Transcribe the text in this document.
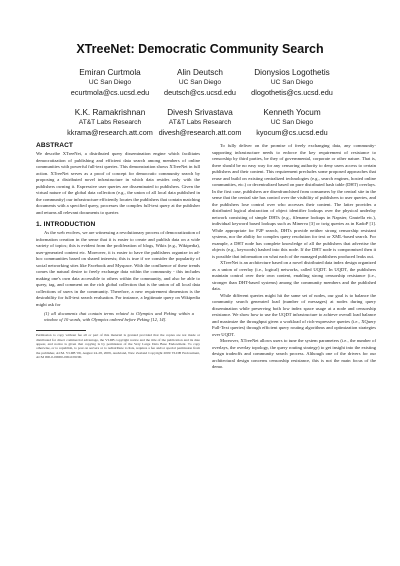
XTreeNet: Democratic Community Search
Emiran Curtmola
UC San Diego
ecurtmola@cs.ucsd.edu
Alin Deutsch
UC San Diego
deutsch@cs.ucsd.edu
Dionysios Logothetis
UC San Diego
dlogothetis@cs.ucsd.edu
K.K. Ramakrishnan
AT&T Labs Research
kkrama@research.att.com
Divesh Srivastava
AT&T Labs Research
divesh@research.att.com
Kenneth Yocum
UC San Diego
kyocum@cs.ucsd.edu
ABSTRACT
We describe XTreeNet, a distributed query dissemination engine which facilitates democratization of publishing and efficient data search among members of online communities with powerful full-text queries. This demonstration shows XTreeNet in full action. XTreeNet serves as a proof of concept for democratic community search by proposing a distributed novel infrastructure in which data resides only with the publishers owning it. Expressive user queries are disseminated to publishers. Given the virtual nature of the global data collection (e.g., the union of all local data published in the community) our infrastructure efficiently locates the publishers that contain matching documents with a specified query, processes the complex full-text query at the publisher and returns all relevant documents to querier.
1. INTRODUCTION
As the web evolves, we are witnessing a revolutionary process of democratization of information creation in the sense that it is easier to create and publish data on a wide variety of topics; this is evident from the proliferation of blogs, Wikis (e.g., Wikipedia), user-generated content etc. Moreover, it is easier to have the publishers organize in ad-hoc communities based on shared interests; this is true if we consider the popularity of social networking sites like Facebook and Myspace. With the confluence of these trends comes the natural desire to freely exchange data within the community - this includes making one's own data accessible to others within the community, and also be able to query, tag, and comment on the rich global collection that is the union of all local data collections of users in the community. Therefore, a new requirement dimension is the desirability for full-text search evaluation. For instance, a legitimate query on Wikipedia might ask for
(1) all documents that contain terms related to Olympics and Peking within a window of 10 words, with Olympics ordered before Peking [12, 14].
Permission to copy without fee all or part of this material is granted provided that the copies are not made or distributed for direct commercial advantage, the VLDB copyright notice and the title of the publication and its date appear, and notice is given that copying is by permission of the Very Large Data Base Endowment. To copy otherwise, or to republish, to post on servers or to redistribute to lists, requires a fee and/or special permission from the publisher, ACM. VLDB '09, August 24-28, 2009, Auckland, New Zealand Copyright 2009 VLDB Endowment, ACM 000-0-00000-000-0/00/00.
To fully deliver on the promise of freely exchanging data, any community-supporting infrastructure needs to enforce the key requirement of resistance to censorship by third parties, be they of governmental, corporate or other nature. That is, there should be no easy way for any censoring authority to deny users access to certain publishers and their content. This requirement precludes some proposed approaches that reuse and build on existing centralized technologies (e.g., search engines, hosted online communities, etc.) or decentralized based on pure distributed hash table (DHT) overlays. In the first case, publishers are disenfranchised from consumers by the central site in the sense that the central site has control over the visibility of publishers to user queries, and the publishers lose control over who accesses their content. The latter provides a distributed logical abstraction of object identifier lookups over the physical underlay network consisting of simple DHTs (e.g., filename lookups in Napster, Gnutella etc.), individual keyword based lookups such as Minerva [3] or twig queries as in KadoP [1]. While appropriate for P2P search, DHTs provide neither strong censorship resistant systems, nor the ability for complex query resolution for text or XML-based search. For example, a DHT node has complete knowledge of all the publishers that advertise the objects (e.g., keywords) hashed into this node. If the DHT node is compromised then it is possible that information on what each of the managed publishers produced leaks out.
XTreeNet is an architecture based on a novel distributed data index design organized as a union of overlay (i.e., logical) networks, called UQDT. In UQDT, the publishers maintain control over their own content, enabling strong censorship resistance (i.e., stronger than DHT-based systems) among the community members and the published data.
While different queries might hit the same set of nodes, our goal is to balance the community search generated load (number of messages) at nodes during query dissemination while preserving both low index space usage at a node and censorship resistance. We show how to use the UQDT infrastructure to achieve overall load balance and maximize the throughput given a workload of rich-expressive queries (i.e., XQuery Full-Text queries) through efficient query routing algorithms and optimization strategies over UQDT.
Moreover, XTreeNet allows users to tune the system parameters (i.e., the number of overlays, the overlay topology, the query routing strategy) to get insight into the existing design tradeoffs and community search process. Although one of the drivers for our architectural design concerns censorship resistance, this is not the main focus of the demo.
